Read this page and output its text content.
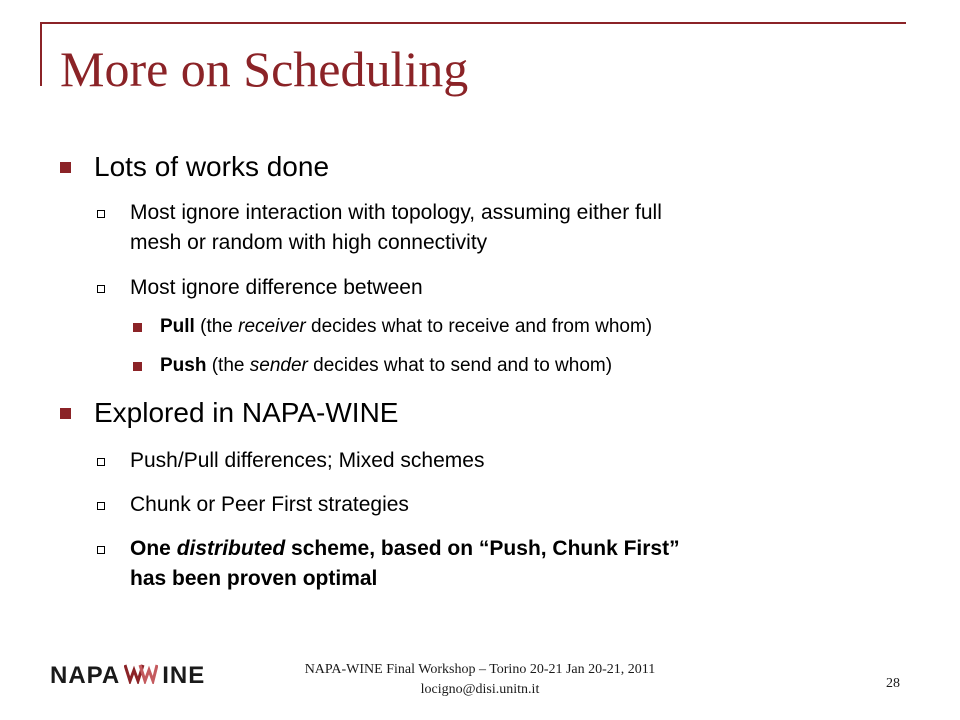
More on Scheduling
Lots of works done
Most ignore interaction with topology, assuming either full
mesh or random with high connectivity
Most ignore difference between
Pull (the receiver decides what to receive and from whom)
Push (the sender decides what to send and to whom)
Explored in NAPA-WINE
Push/Pull differences; Mixed schemes
Chunk or Peer First strategies
One distributed scheme, based on “Push, Chunk First”
has been proven optimal
NAPA INE	NAPA-WINE Final Workshop – Torino 20-21 Jan 20-21, 2011
locigno@disi.unitn.it	28
